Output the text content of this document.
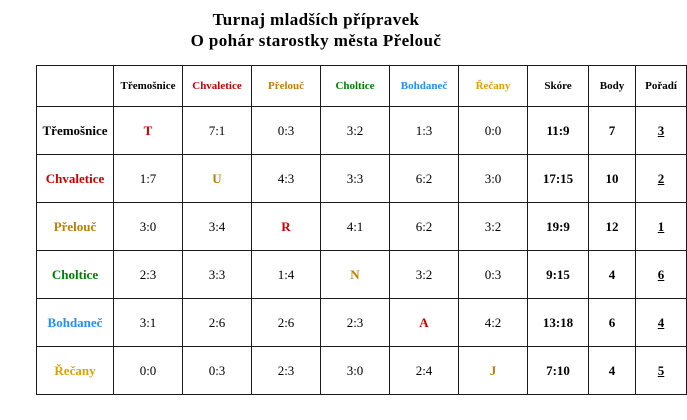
Turnaj mladších přípravek
O pohár starostky města Přelouč
	Třemošnice	Chvaletice	Přelouč	Choltice	Bohdaneč	Řečany	Skóre	Body	Pořadí
Třemošnice	T	7:1	0:3	3:2	1:3	0:0	11:9	7	3
Chvaletice	1:7	U	4:3	3:3	6:2	3:0	17:15	10	2
Přelouč	3:0	3:4	R	4:1	6:2	3:2	19:9	12	1
Choltice	2:3	3:3	1:4	N	3:2	0:3	9:15	4	6
Bohdaneč	3:1	2:6	2:6	2:3	A	4:2	13:18	6	4
Řečany	0:0	0:3	2:3	3:0	2:4	J	7:10	4	5
